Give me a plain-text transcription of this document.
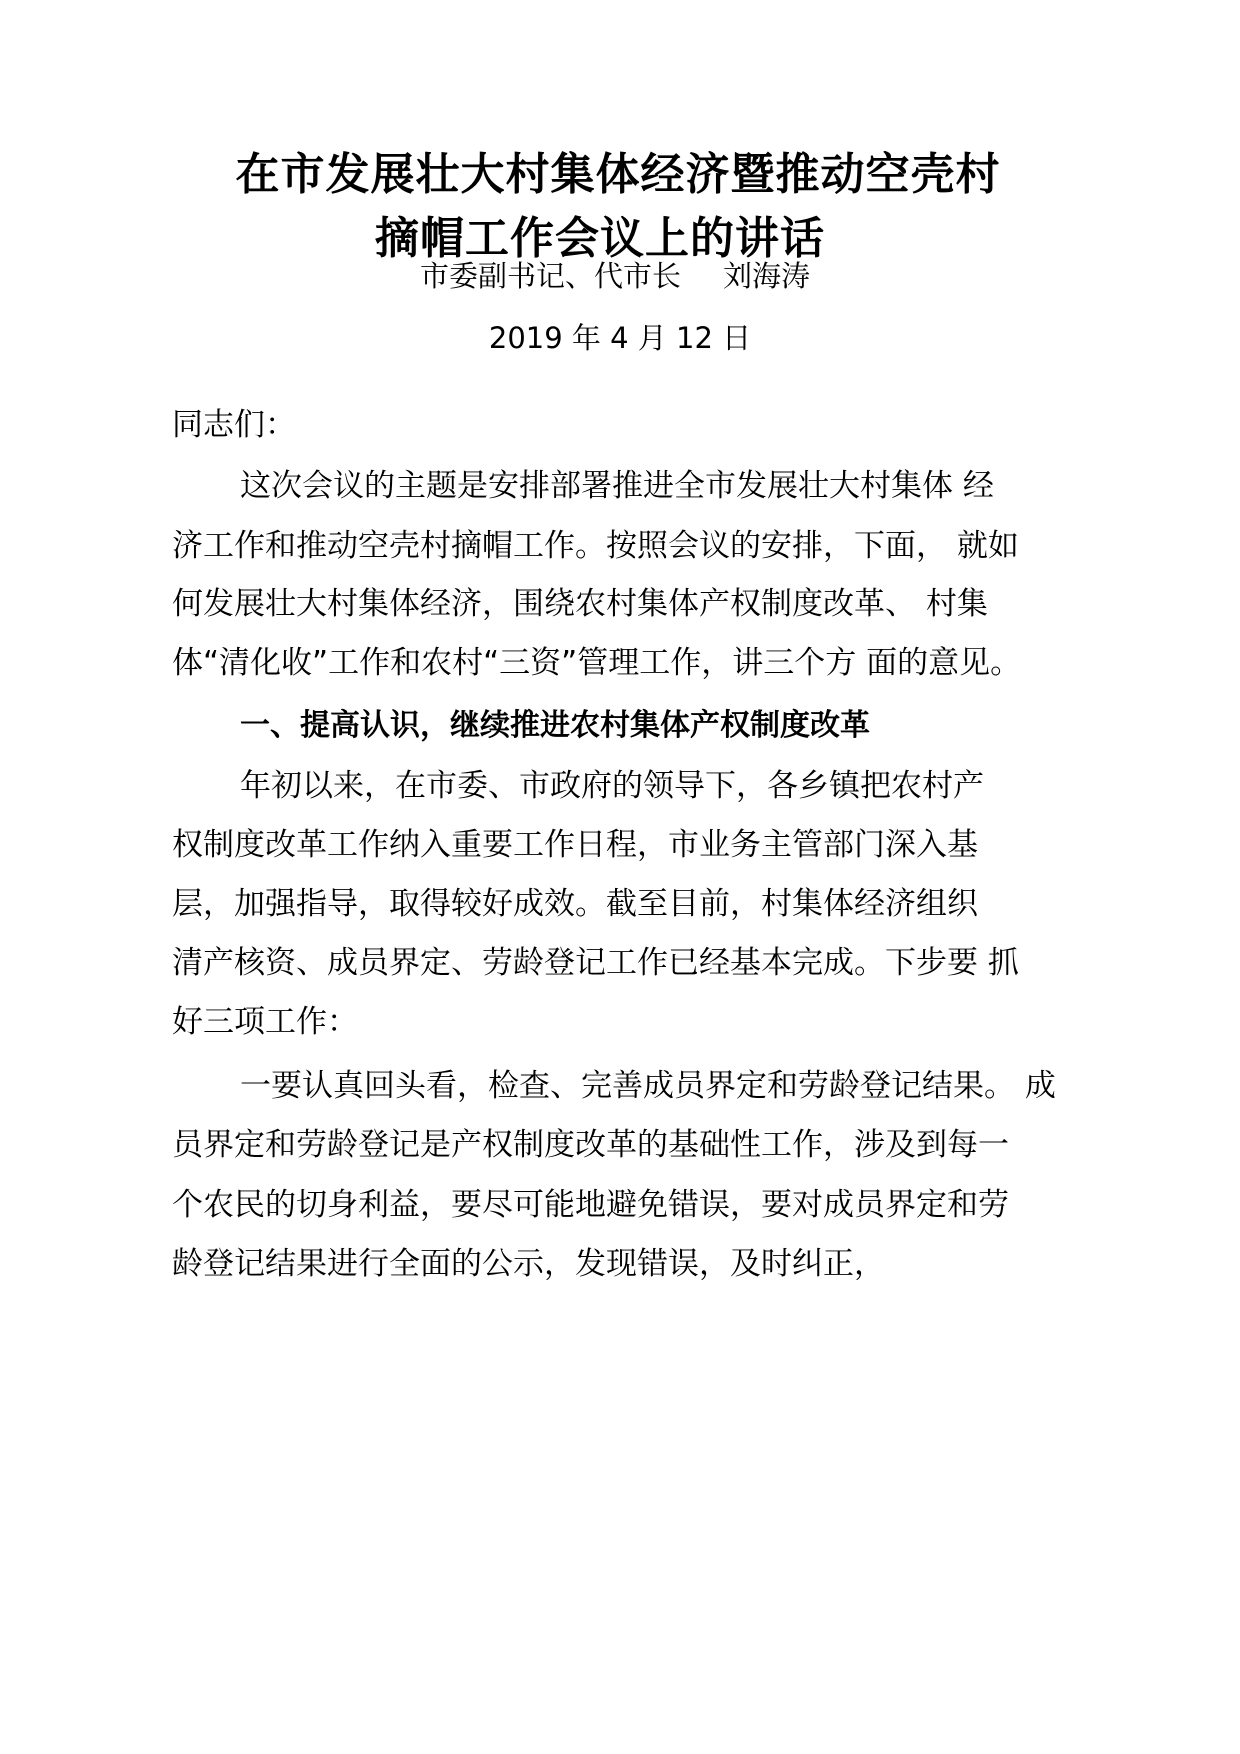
在市发展壮大村集体经济暨推动空壳村
摘帽工作会议上的讲话
市委副书记、代市长 刘海涛
2019 年 4 月 12 日
同志们：
这次会议的主题是安排部署推进全市发展壮大村集体 经
济工作和推动空壳村摘帽工作。按照会议的安排，下面， 就如
何发展壮大村集体经济，围绕农村集体产权制度改革、 村集
体“清化收”工作和农村“三资”管理工作，讲三个方 面的意见。
一、提高认识，继续推进农村集体产权制度改革
年初以来，在市委、市政府的领导下，各乡镇把农村产
权制度改革工作纳入重要工作日程，市业务主管部门深入基
层，加强指导，取得较好成效。截至目前，村集体经济组织
清产核资、成员界定、劳龄登记工作已经基本完成。下步要 抓
好三项工作：
一要认真回头看，检查、完善成员界定和劳龄登记结果。 成
员界定和劳龄登记是产权制度改革的基础性工作，涉及到每一
个农民的切身利益，要尽可能地避免错误，要对成员界定和劳
龄登记结果进行全面的公示，发现错误，及时纠正，
